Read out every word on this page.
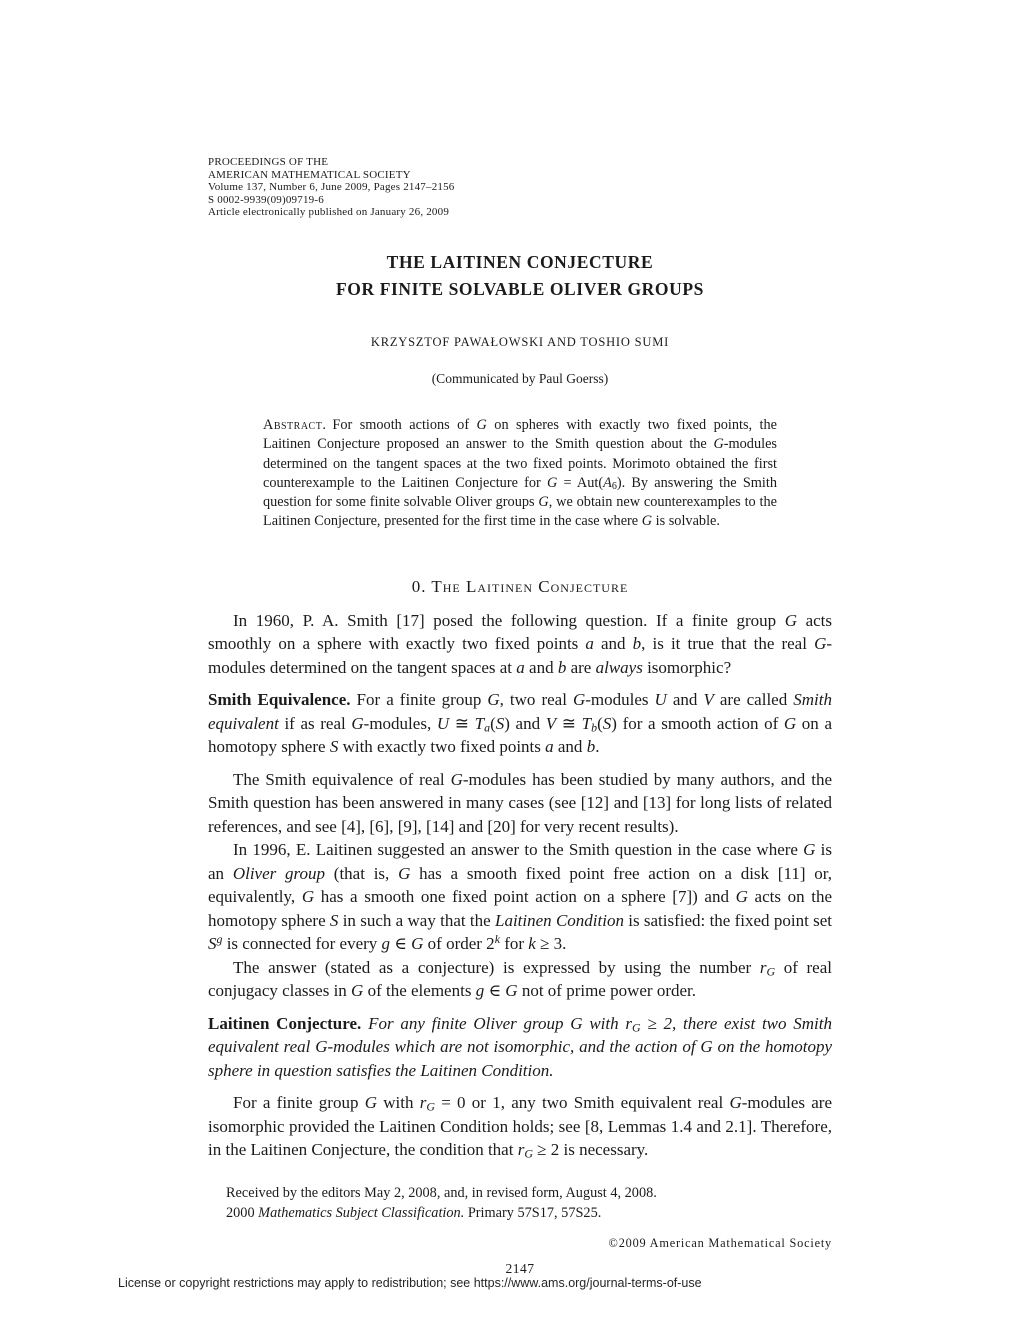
PROCEEDINGS OF THE
AMERICAN MATHEMATICAL SOCIETY
Volume 137, Number 6, June 2009, Pages 2147–2156
S 0002-9939(09)09719-6
Article electronically published on January 26, 2009
THE LAITINEN CONJECTURE
FOR FINITE SOLVABLE OLIVER GROUPS
KRZYSZTOF PAWAŁOWSKI AND TOSHIO SUMI
(Communicated by Paul Goerss)
Abstract. For smooth actions of G on spheres with exactly two fixed points, the Laitinen Conjecture proposed an answer to the Smith question about the G-modules determined on the tangent spaces at the two fixed points. Morimoto obtained the first counterexample to the Laitinen Conjecture for $G = Aut(A_6)$. By answering the Smith question for some finite solvable Oliver groups G, we obtain new counterexamples to the Laitinen Conjecture, presented for the first time in the case where G is solvable.
0. The Laitinen Conjecture

In 1960, P. A. Smith [17] posed the following question. If a finite group G acts smoothly on a sphere with exactly two fixed points a and b, is it true that the real G-modules determined on the tangent spaces at a and b are always isomorphic?

Smith Equivalence. For a finite group G, two real G-modules U and V are called Smith equivalent if as real G-modules, U ≅ $T_a(S)$ and V ≅ $T_b(S)$ for a smooth action of G on a homotopy sphere S with exactly two fixed points a and b.

The Smith equivalence of real G-modules has been studied by many authors, and the Smith question has been answered in many cases (see [12] and [13] for long lists of related references, and see [4], [6], [9], [14] and [20] for very recent results).

In 1996, E. Laitinen suggested an answer to the Smith question in the case where G is an Oliver group (that is, G has a smooth fixed point free action on a disk [11] or, equivalently, G has a smooth one fixed point action on a sphere [7]) and G acts on the homotopy sphere S in such a way that the Laitinen Condition is satisfied: the fixed point set $S^g$ is connected for every g ∈ G of order 2$^k$ for k ≥ 3.

The answer (stated as a conjecture) is expressed by using the number $r_G$ of real conjugacy classes in G of the elements g ∈ G not of prime power order.

Laitinen Conjecture. For any finite Oliver group G with $r_G \ge 2$, there exist two Smith equivalent real G-modules which are not isomorphic, and the action of G on the homotopy sphere in question satisfies the Laitinen Condition.

For a finite group G with $r_G = 0$ or 1, any two Smith equivalent real G-modules are isomorphic provided the Laitinen Condition holds; see [8, Lemmas 1.4 and 2.1]. Therefore, in the Laitinen Conjecture, the condition that $r_G \ge 2$ is necessary.

Received by the editors May 2, 2008, and, in revised form, August 4, 2008.
2000 Mathematics Subject Classification. Primary 57S17, 57S25.
©2009 American Mathematical Society
2147
License or copyright restrictions may apply to redistribution; see https://www.ams.org/journal-terms-of-use
